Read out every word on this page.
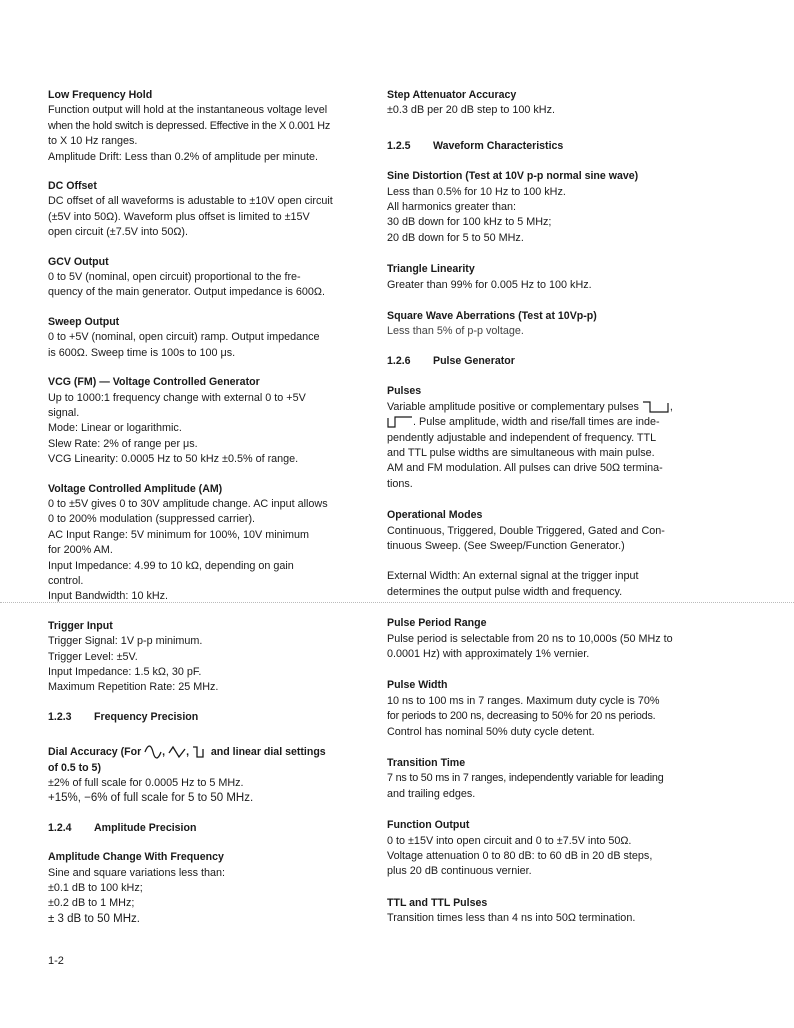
Low Frequency Hold

Function output will hold at the instantaneous voltage level

when the hold switch is depressed. Effective in the X 0.001 Hz

to X 10 Hz ranges.

Amplitude Drift: Less than 0.2% of amplitude per minute.

DC Offset

DC offset of all waveforms is adustable to ±10V open circuit

(±5V into 50Ω). Waveform plus offset is limited to ±15V

open circuit (±7.5V into 50Ω).

GCV Output

0 to 5V (nominal, open circuit) proportional to the fre-

quency of the main generator. Output impedance is 600Ω.

Sweep Output

0 to +5V (nominal, open circuit) ramp. Output impedance

is 600Ω. Sweep time is 100s to 100 μs.

VCG (FM) — Voltage Controlled Generator

Up to 1000:1 frequency change with external 0 to +5V

signal.

Mode: Linear or logarithmic.

Slew Rate: 2% of range per μs.

VCG Linearity: 0.0005 Hz to 50 kHz ±0.5% of range.

Voltage Controlled Amplitude (AM)

0 to ±5V gives 0 to 30V amplitude change. AC input allows

0 to 200% modulation (suppressed carrier).

AC Input Range: 5V minimum for 100%, 10V minimum

for 200% AM.

Input Impedance: 4.99 to 10 kΩ, depending on gain

control.

Input Bandwidth: 10 kHz.

Trigger Input

Trigger Signal: 1V p-p minimum.

Trigger Level: ±5V.

Input Impedance: 1.5 kΩ, 30 pF.

Maximum Repetition Rate: 25 MHz.

1.2.3 Frequency Precision

Dial Accuracy (For , ,  and linear dial settings

of 0.5 to 5)

±2% of full scale for 0.0005 Hz to 5 MHz.

+15%, −6% of full scale for 5 to 50 MHz.

1.2.4 Amplitude Precision

Amplitude Change With Frequency

Sine and square variations less than:

±0.1 dB to 100 kHz;

±0.2 dB to 1 MHz;

± 3 dB to 50 MHz.

Step Attenuator Accuracy

±0.3 dB per 20 dB step to 100 kHz.

1.2.5 Waveform Characteristics

Sine Distortion (Test at 10V p-p normal sine wave)

Less than 0.5% for 10 Hz to 100 kHz.

All harmonics greater than:

30 dB down for 100 kHz to 5 MHz;

20 dB down for 5 to 50 MHz.

Triangle Linearity

Greater than 99% for 0.005 Hz to 100 kHz.

Square Wave Aberrations (Test at 10Vp-p)

Less than 5% of p-p voltage.

1.2.6 Pulse Generator

Pulses

Variable amplitude positive or complementary pulses	,

. Pulse amplitude, width and rise/fall times are inde-

pendently adjustable and independent of frequency. TTL

and TTL pulse widths are simultaneous with main pulse.

AM and FM modulation. All pulses can drive 50Ω termina-

tions.

Operational Modes

Continuous, Triggered, Double Triggered, Gated and Con-

tinuous Sweep. (See Sweep/Function Generator.)

External Width: An external signal at the trigger input

determines the output pulse width and frequency.

Pulse Period Range

Pulse period is selectable from 20 ns to 10,000s (50 MHz to

0.0001 Hz) with approximately 1% vernier.

Pulse Width

10 ns to 100 ms in 7 ranges. Maximum duty cycle is 70%

for periods to 200 ns, decreasing to 50% for 20 ns periods.

Control has nominal 50% duty cycle detent.

Transition Time

7 ns to 50 ms in 7 ranges, independently variable for leading

and trailing edges.

Function Output

0 to ±15V into open circuit and 0 to ±7.5V into 50Ω.

Voltage attenuation 0 to 80 dB: to 60 dB in 20 dB steps,

plus 20 dB continuous vernier.

TTL and TTL Pulses

Transition times less than 4 ns into 50Ω termination.

1-2
